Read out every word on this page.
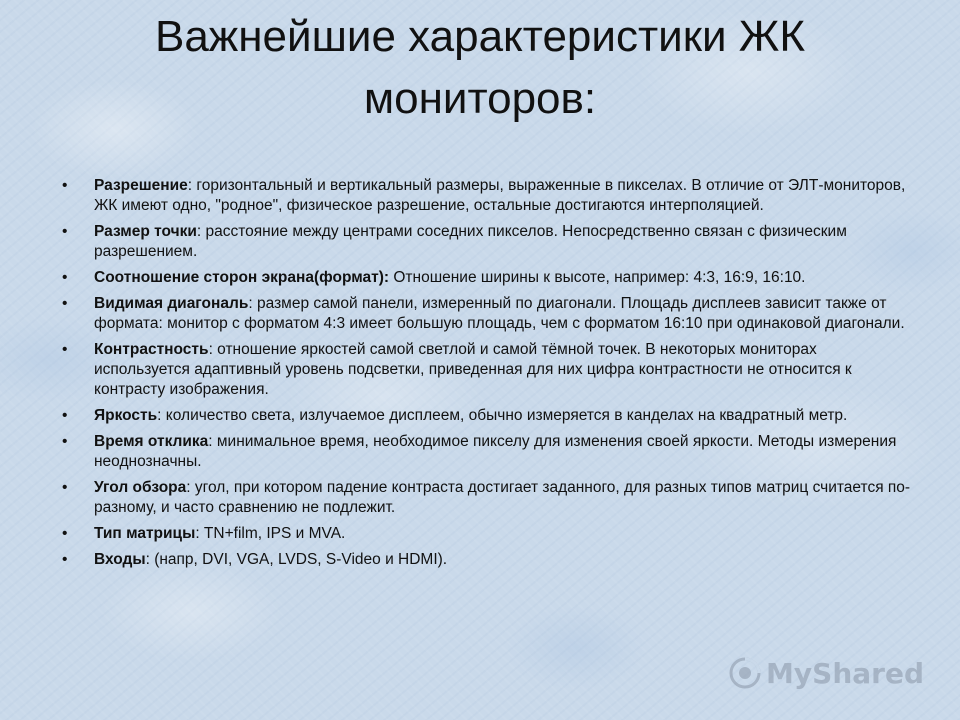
Важнейшие характеристики ЖК мониторов:
• Разрешение: горизонтальный и вертикальный размеры, выраженные в пикселах. В отличие от ЭЛТ-мониторов, ЖК имеют одно, "родное", физическое разрешение, остальные достигаются интерполяцией.
• Размер точки: расстояние между центрами соседних пикселов. Непосредственно связан с физическим разрешением.
• Соотношение сторон экрана(формат): Отношение ширины к высоте, например: 4:3, 16:9, 16:10.
• Видимая диагональ: размер самой панели, измеренный по диагонали. Площадь дисплеев зависит также от формата: монитор с форматом 4:3 имеет большую площадь, чем с форматом 16:10 при одинаковой диагонали.
• Контрастность: отношение яркостей самой светлой и самой тёмной точек. В некоторых мониторах используется адаптивный уровень подсветки, приведенная для них цифра контрастности не относится к контрасту изображения.
• Яркость: количество света, излучаемое дисплеем, обычно измеряется в канделах на квадратный метр.
• Время отклика: минимальное время, необходимое пикселу для изменения своей яркости. Методы измерения неоднозначны.
• Угол обзора: угол, при котором падение контраста достигает заданного, для разных типов матриц считается по-разному, и часто сравнению не подлежит.
• Тип матрицы: TN+film, IPS и MVA.
• Входы: (напр, DVI, VGA, LVDS, S-Video и HDMI).
MyShared
